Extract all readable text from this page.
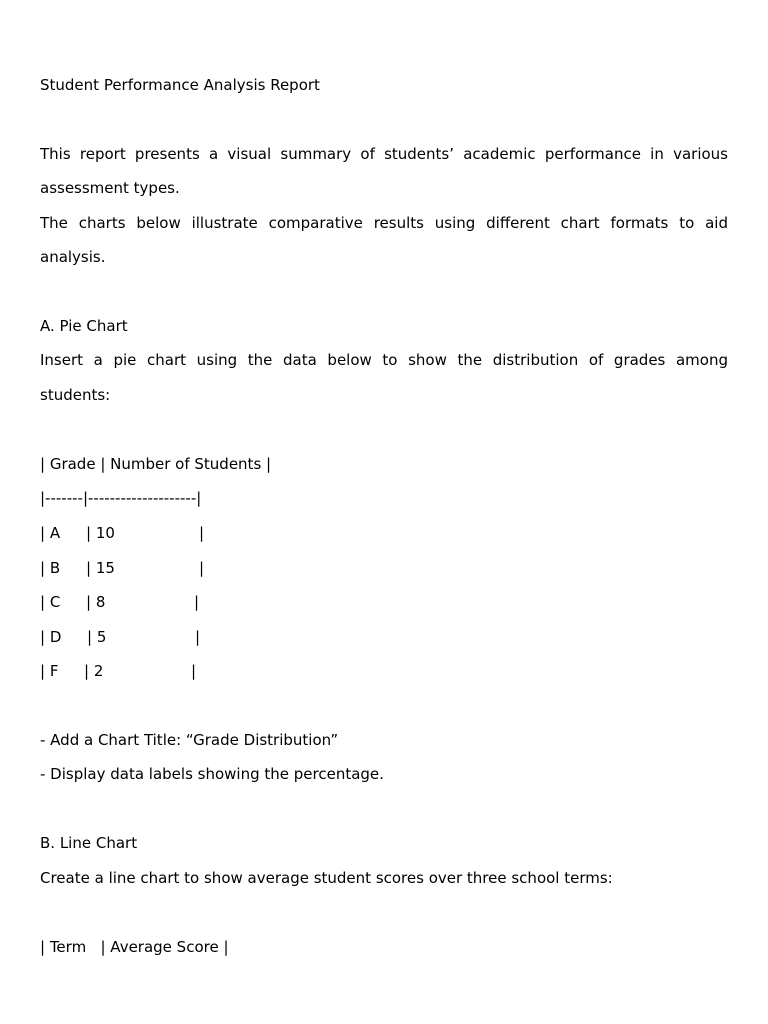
Student Performance Analysis Report
This report presents a visual summary of students’ academic performance in various
assessment types.
The charts below illustrate comparative results using different chart formats to aid
analysis.
A. Pie Chart
Insert a pie chart using the data below to show the distribution of grades among
students:
| Grade | Number of Students |
|-------|--------------------|
| A | 10	|
| B | 15	|
| C | 8	|
| D | 5	|
| F | 2	|
- Add a Chart Title: “Grade Distribution”
- Display data labels showing the percentage.
B. Line Chart
Create a line chart to show average student scores over three school terms:
| Term   | Average Score |
